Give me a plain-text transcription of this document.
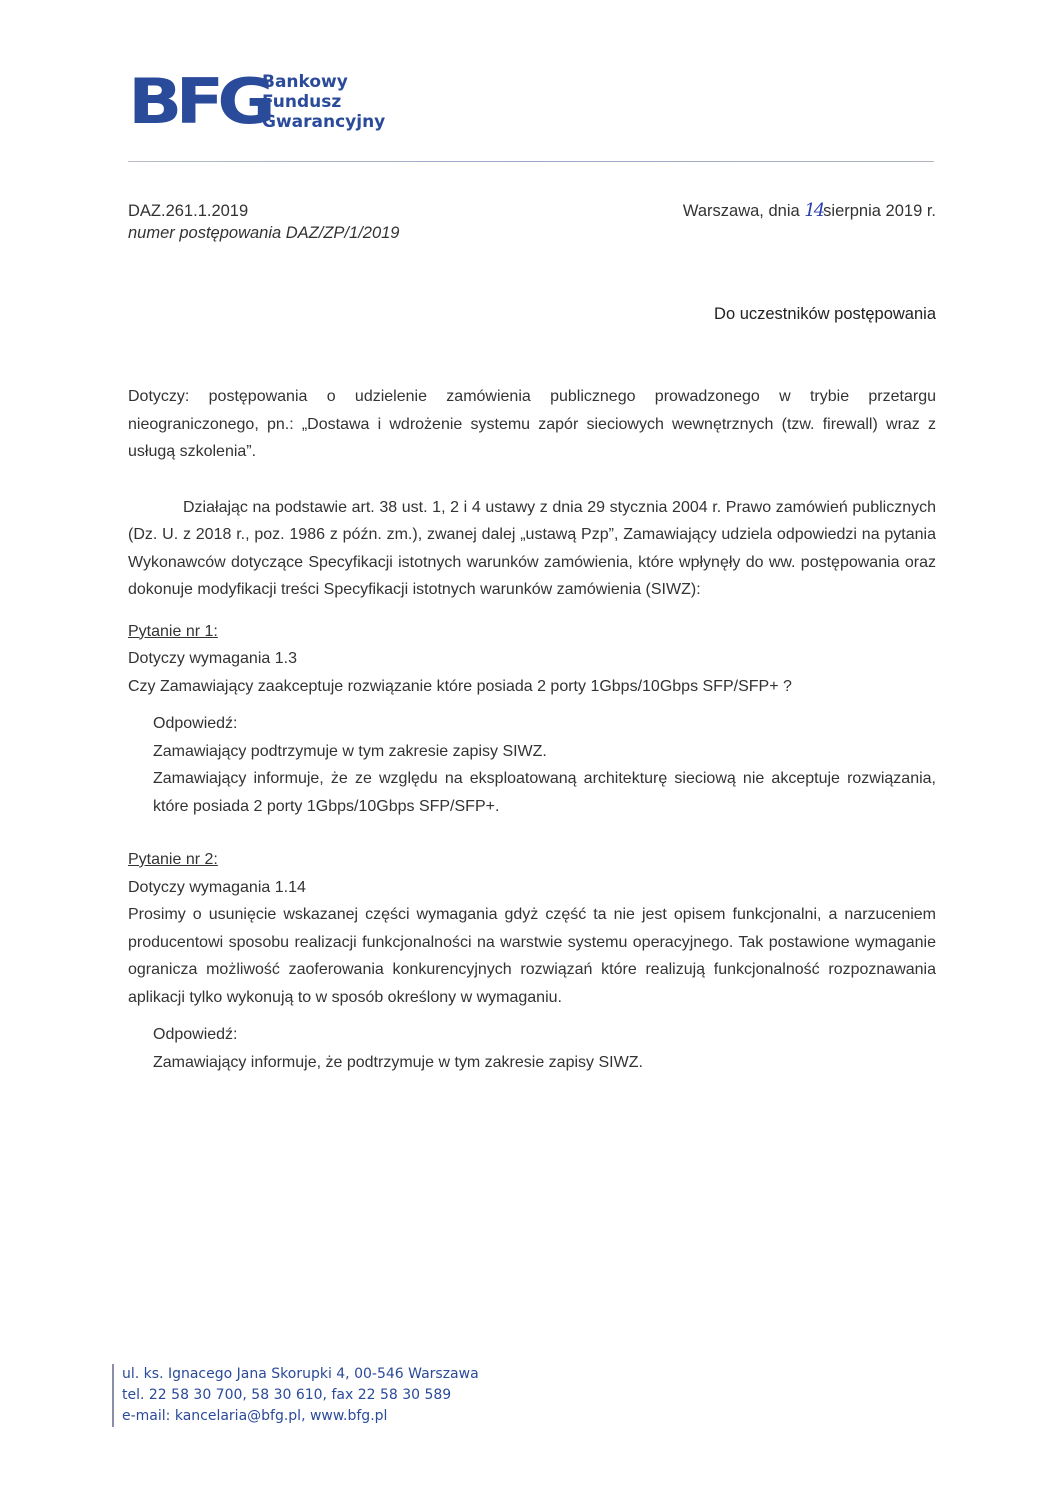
BFG
Bankowy
Fundusz
Gwarancyjny
DAZ.261.1.2019
numer postępowania DAZ/ZP/1/2019
Warszawa, dnia 14sierpnia 2019 r.
Do uczestników postępowania

Dotyczy: postępowania o udzielenie zamówienia publicznego prowadzonego w trybie przetargu nieograniczonego, pn.: „Dostawa i wdrożenie systemu zapór sieciowych wewnętrznych (tzw. firewall) wraz z usługą szkolenia”.

Działając na podstawie art. 38 ust. 1, 2 i 4 ustawy z dnia 29 stycznia 2004 r. Prawo zamówień publicznych (Dz. U. z 2018 r., poz. 1986 z późn. zm.), zwanej dalej „ustawą Pzp”, Zamawiający udziela odpowiedzi na pytania Wykonawców dotyczące Specyfikacji istotnych warunków zamówienia, które wpłynęły do ww. postępowania oraz dokonuje modyfikacji treści Specyfikacji istotnych warunków zamówienia (SIWZ):

Pytanie nr 1:

Dotyczy wymagania 1.3

Czy Zamawiający zaakceptuje rozwiązanie które posiada 2 porty 1Gbps/10Gbps SFP/SFP+ ?

Odpowiedź:

Zamawiający podtrzymuje w tym zakresie zapisy SIWZ.

Zamawiający informuje, że ze względu na eksploatowaną architekturę sieciową nie akceptuje rozwiązania, które posiada 2 porty 1Gbps/10Gbps SFP/SFP+.

Pytanie nr 2:

Dotyczy wymagania 1.14

Prosimy o usunięcie wskazanej części wymagania gdyż część ta nie jest opisem funkcjonalni, a narzuceniem producentowi sposobu realizacji funkcjonalności na warstwie systemu operacyjnego. Tak postawione wymaganie ogranicza możliwość zaoferowania konkurencyjnych rozwiązań które realizują funkcjonalność rozpoznawania aplikacji tylko wykonują to w sposób określony w wymaganiu.

Odpowiedź:

Zamawiający informuje, że podtrzymuje w tym zakresie zapisy SIWZ.

ul. ks. Ignacego Jana Skorupki 4, 00-546 Warszawa
tel. 22 58 30 700, 58 30 610, fax 22 58 30 589
e-mail: kancelaria@bfg.pl, www.bfg.pl
